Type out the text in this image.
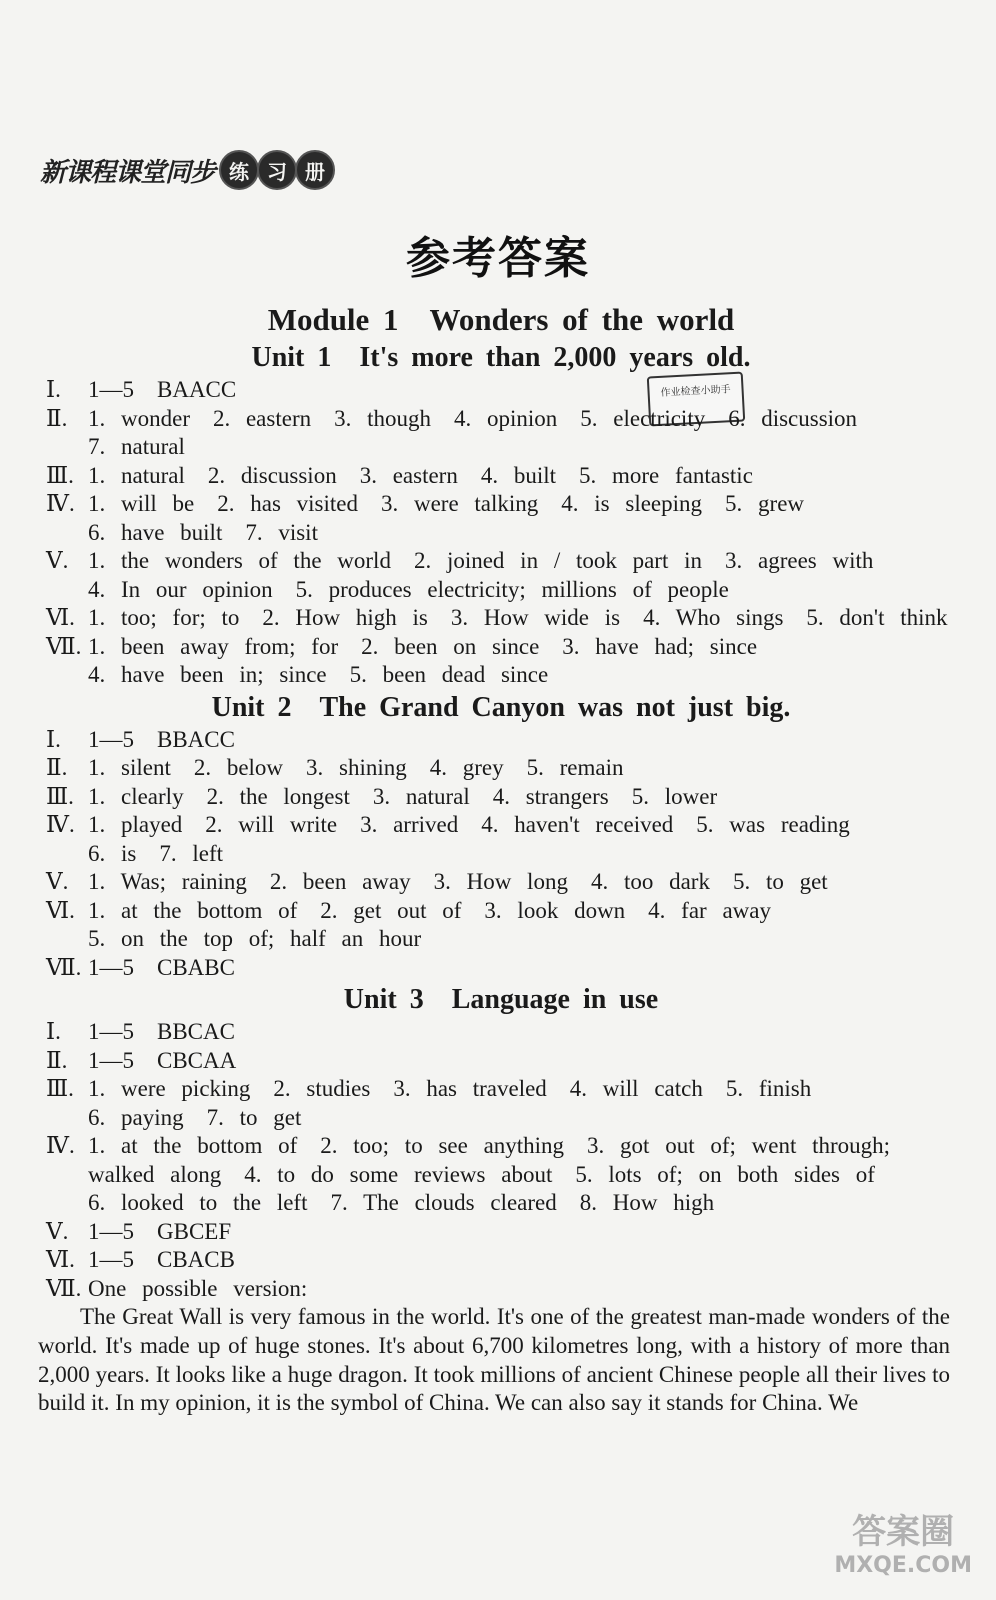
新课程课堂同步 练 习 册
参考答案
作业检查小助手
Module 1　Wonders of the world
Unit 1　It's more than 2,000 years old.
Ⅰ.	1—5　BAACC
Ⅱ. 1. wonder　2. eastern　3. though　4. opinion　5. electricity　6. discussion
7. natural
Ⅲ. 1. natural　2. discussion　3. eastern　4. built　5. more fantastic
Ⅳ. 1. will be　2. has visited　3. were talking　4. is sleeping　5. grew
6. have built　7. visit
Ⅴ. 1. the wonders of the world　2. joined in / took part in　3. agrees with
4. In our opinion　5. produces electricity; millions of people
Ⅵ. 1. too; for; to　2. How high is　3. How wide is　4. Who sings　5. don't think
Ⅶ. 1. been away from; for　2. been on since　3. have had; since
4. have been in; since　5. been dead since
Unit 2　The Grand Canyon was not just big.
Ⅰ.	1—5　BBACC
Ⅱ. 1. silent　2. below　3. shining　4. grey　5. remain
Ⅲ. 1. clearly　2. the longest　3. natural　4. strangers　5. lower
Ⅳ. 1. played　2. will write　3. arrived　4. haven't received　5. was reading
6. is　7. left
Ⅴ. 1. Was; raining　2. been away　3. How long　4. too dark　5. to get
Ⅵ. 1. at the bottom of　2. get out of　3. look down　4. far away
5. on the top of; half an hour
Ⅶ. 1—5　CBABC
Unit 3　Language in use
Ⅰ.	1—5　BBCAC
Ⅱ. 1—5　CBCAA
Ⅲ. 1. were picking　2. studies　3. has traveled　4. will catch　5. finish
6. paying　7. to get
Ⅳ. 1. at the bottom of　2. too; to see anything　3. got out of; went through;
walked along　4. to do some reviews about　5. lots of; on both sides of
6. looked to the left　7. The clouds cleared　8. How high
Ⅴ. 1—5　GBCEF
Ⅵ. 1—5　CBACB
Ⅶ. One possible version:
The Great Wall is very famous in the world. It's one of the greatest man-made wonders of the world. It's made up of huge stones. It's about 6,700 kilometres long, with a history of more than 2,000 years. It looks like a huge dragon. It took millions of ancient Chinese people all their lives to build it. In my opinion, it is the symbol of China. We can also say it stands for China. We
答案圈
MXQE.COM
